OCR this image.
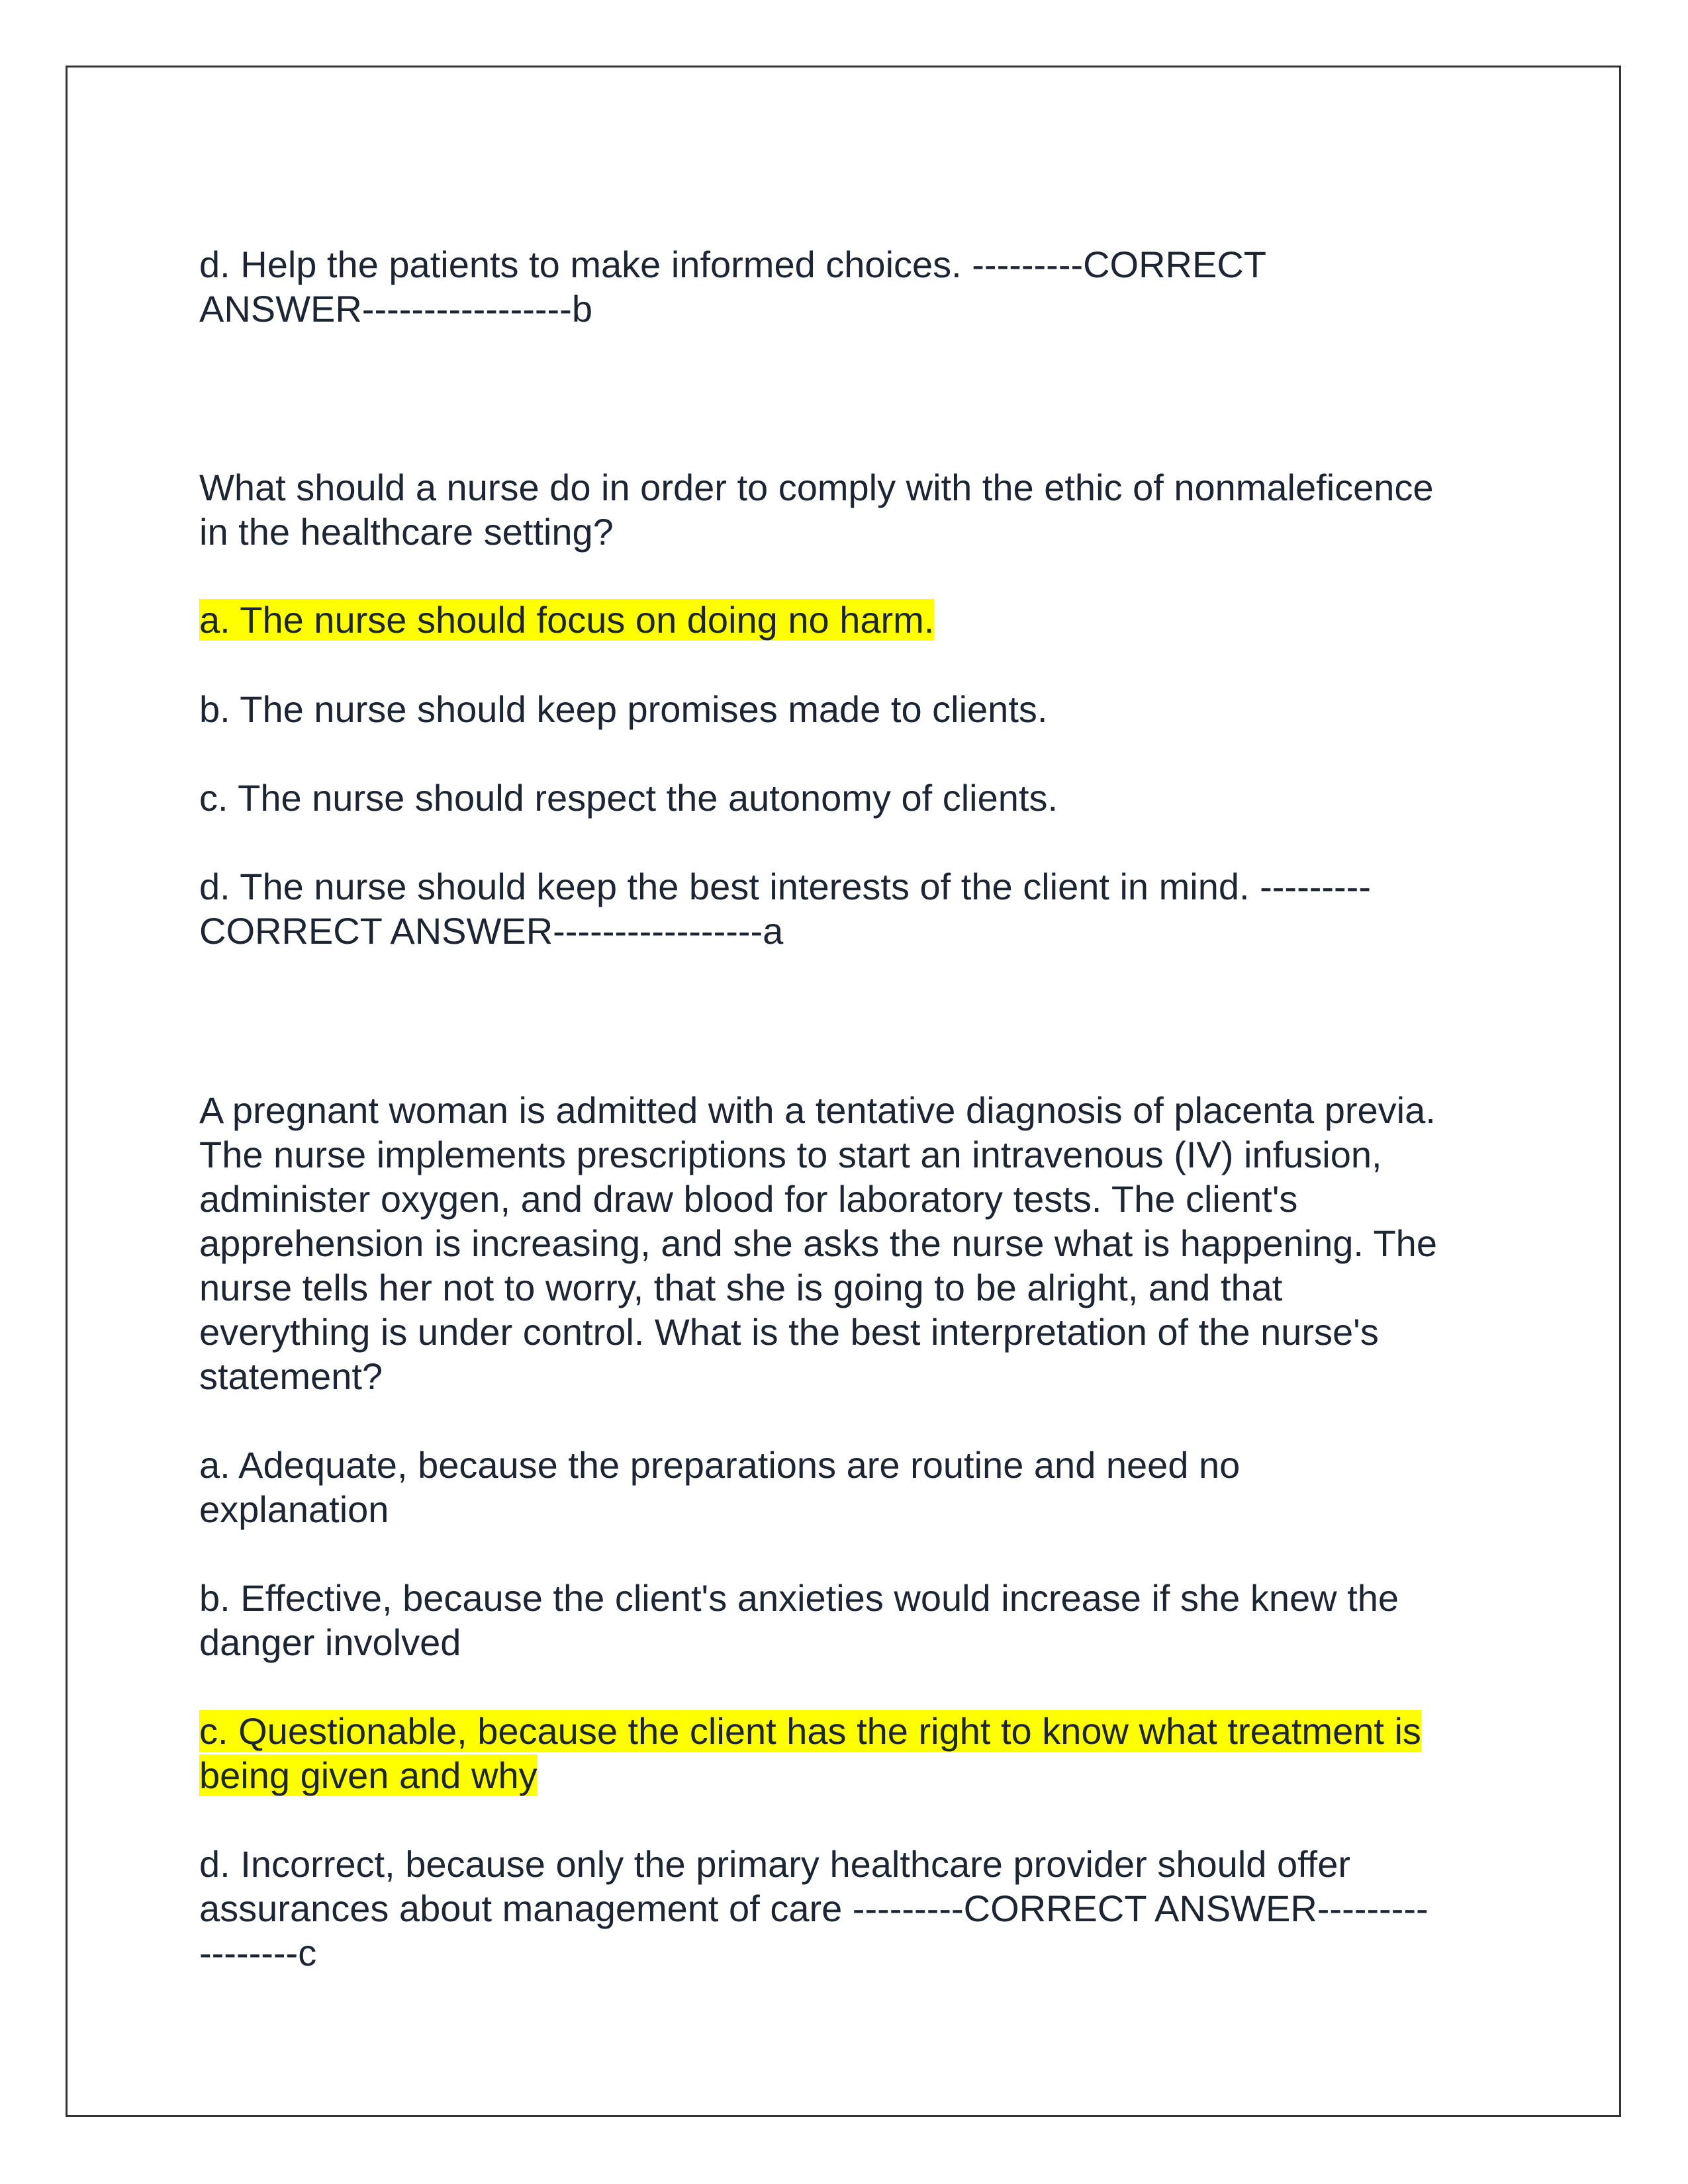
d. Help the patients to make informed choices. ---------CORRECT

ANSWER-----------------b

What should a nurse do in order to comply with the ethic of nonmaleficence

in the healthcare setting?

a. The nurse should focus on doing no harm.

b. The nurse should keep promises made to clients.

c. The nurse should respect the autonomy of clients.

d. The nurse should keep the best interests of the client in mind. ---------

CORRECT ANSWER-----------------a

A pregnant woman is admitted with a tentative diagnosis of placenta previa.

The nurse implements prescriptions to start an intravenous (IV) infusion,

administer oxygen, and draw blood for laboratory tests. The client's

apprehension is increasing, and she asks the nurse what is happening. The

nurse tells her not to worry, that she is going to be alright, and that

everything is under control. What is the best interpretation of the nurse's

statement?

a. Adequate, because the preparations are routine and need no

explanation

b. Effective, because the client's anxieties would increase if she knew the

danger involved

c. Questionable, because the client has the right to know what treatment is

being given and why

d. Incorrect, because only the primary healthcare provider should offer

assurances about management of care ---------CORRECT ANSWER---------

--------c
